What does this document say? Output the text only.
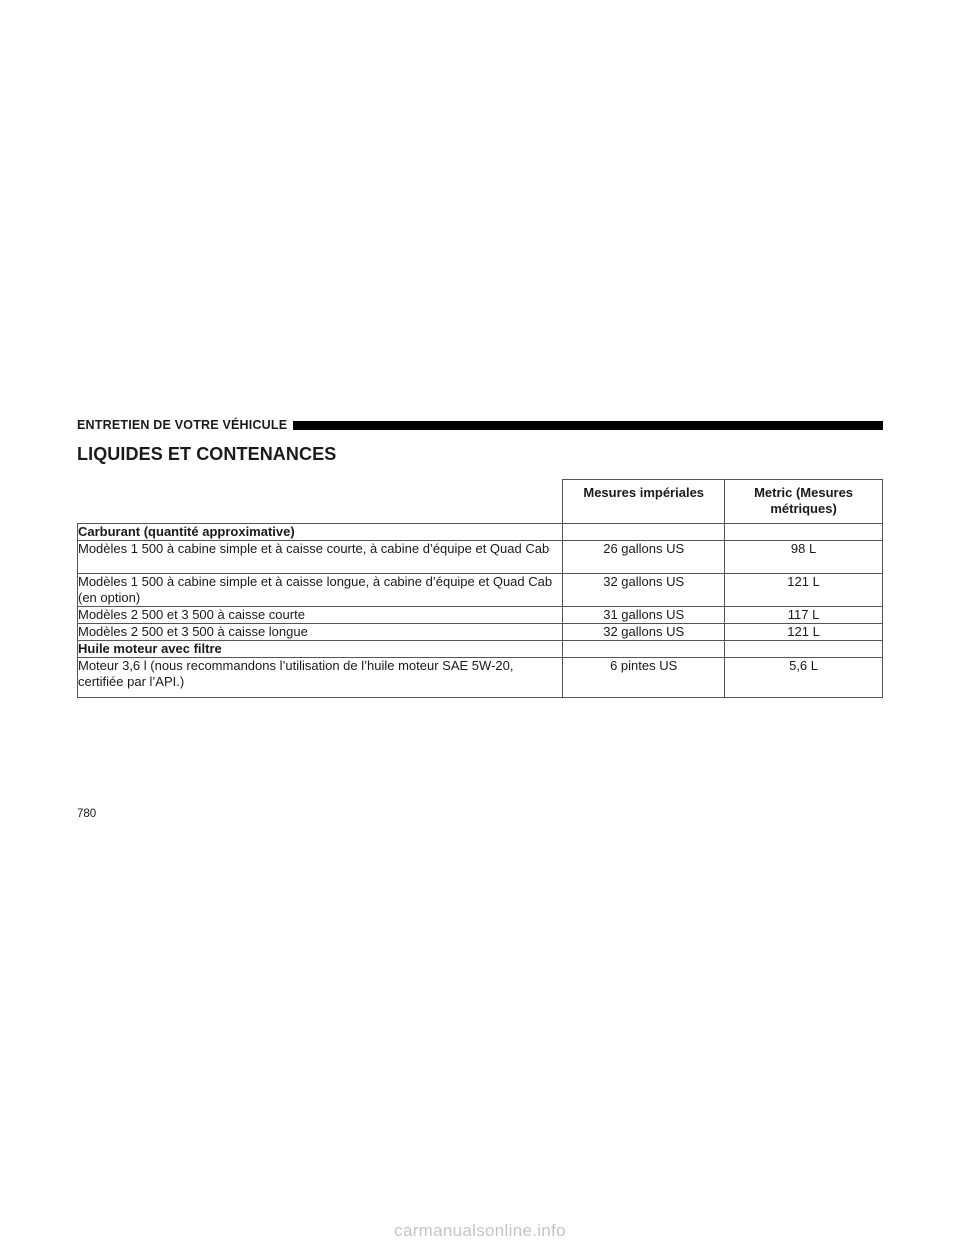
ENTRETIEN DE VOTRE VÉHICULE
LIQUIDES ET CONTENANCES
	Mesures impériales	Metric (Mesures métriques)
Carburant (quantité approximative)		
Modèles 1 500 à cabine simple et à caisse courte, à cabine d’équipe et Quad Cab	26 gallons US	98 L
Modèles 1 500 à cabine simple et à caisse longue, à cabine d’équipe et Quad Cab (en option)	32 gallons US	121 L
Modèles 2 500 et 3 500 à caisse courte	31 gallons US	117 L
Modèles 2 500 et 3 500 à caisse longue	32 gallons US	121 L
Huile moteur avec filtre		
Moteur 3,6 l (nous recommandons l’utilisation de l’huile moteur SAE 5W-20, certifiée par l’API.)	6 pintes US	5,6 L
780
carmanualsonline.info
